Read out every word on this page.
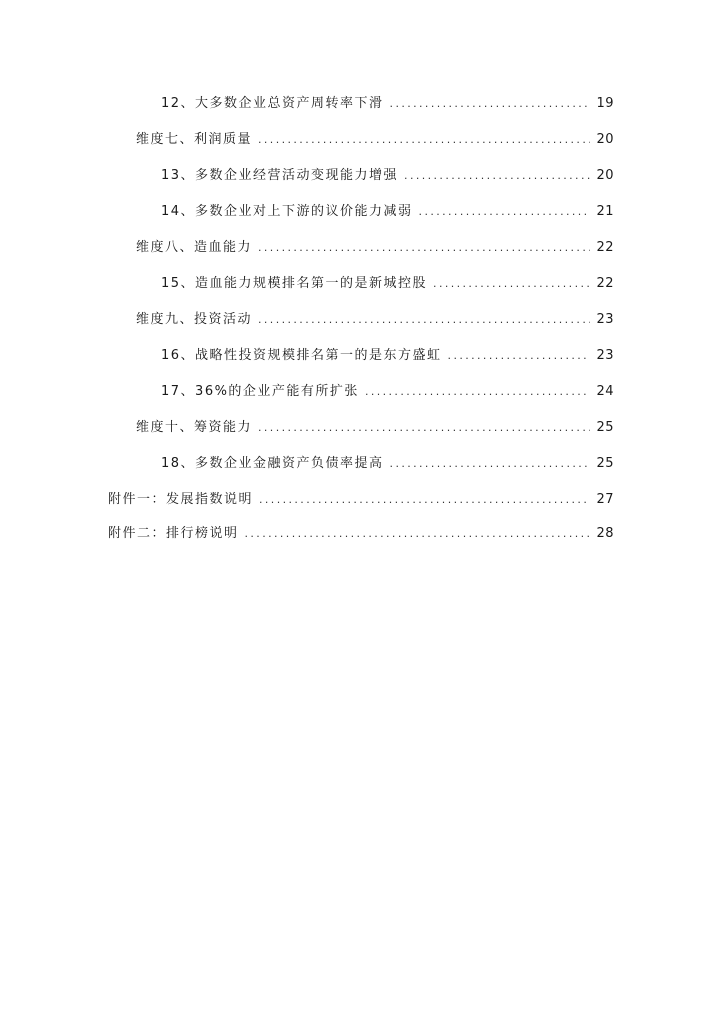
12、大多数企业总资产周转率下滑 .....	19
维度七、利润质量 .....	20
13、多数企业经营活动变现能力增强 .....	20
14、多数企业对上下游的议价能力减弱 .....	21
维度八、造血能力 .....	22
15、造血能力规模排名第一的是新城控股 .....	22
维度九、投资活动 .....	23
16、战略性投资规模排名第一的是东方盛虹 .....	23
17、36%的企业产能有所扩张 .....	24
维度十、筹资能力 .....	25
18、多数企业金融资产负债率提高 .....	25
附件一：发展指数说明 .....	27
附件二：排行榜说明 .....	28
